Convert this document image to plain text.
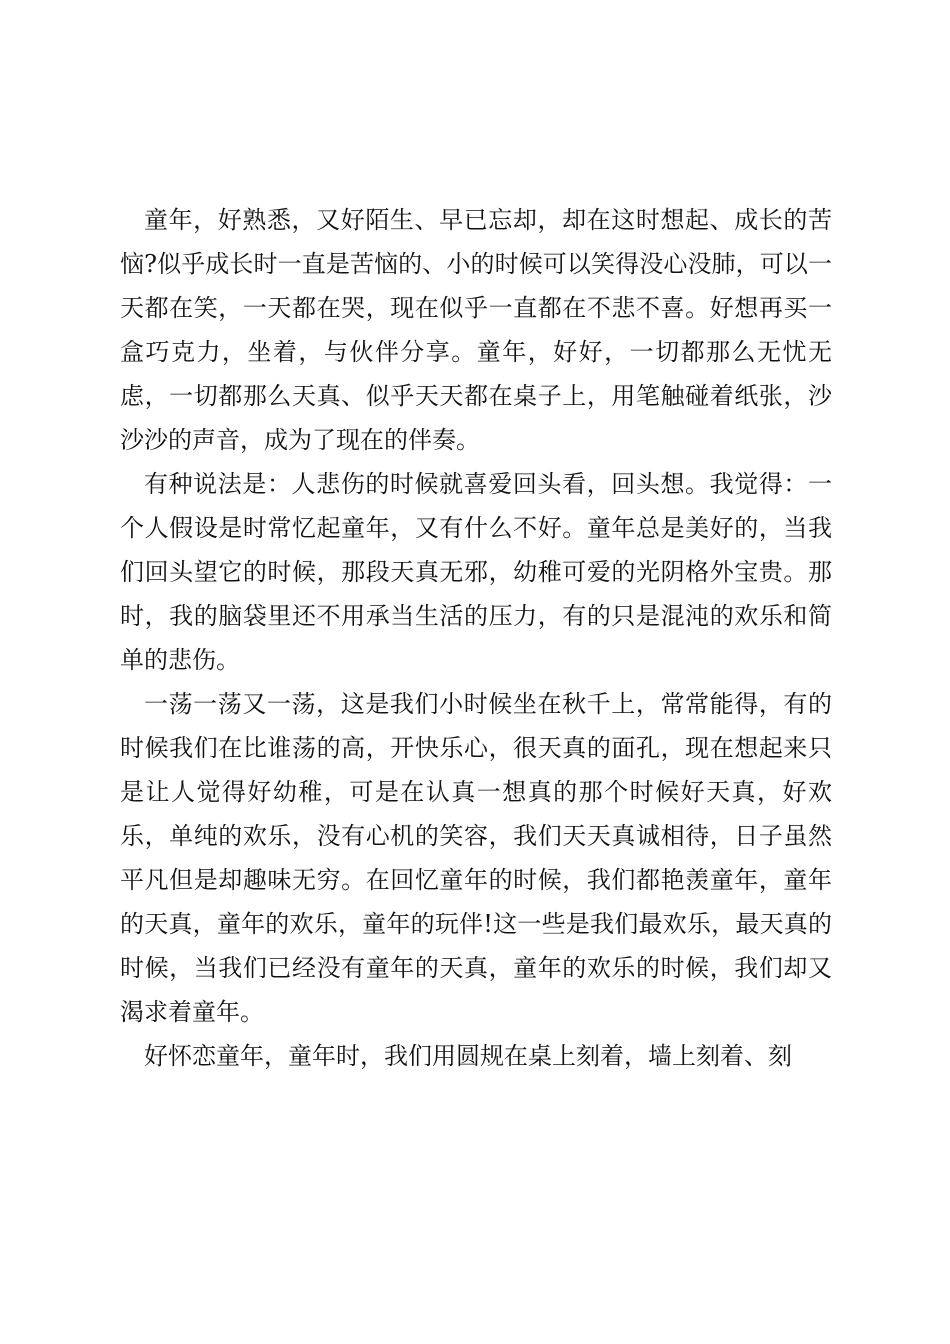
童年，好熟悉，又好陌生、早已忘却，却在这时想起、成长的苦恼?似乎成长时一直是苦恼的、小的时候可以笑得没心没肺，可以一天都在笑，一天都在哭，现在似乎一直都在不悲不喜。好想再买一盒巧克力，坐着，与伙伴分享。童年，好好，一切都那么无忧无虑，一切都那么天真、似乎天天都在桌子上，用笔触碰着纸张，沙沙沙的声音，成为了现在的伴奏。

有种说法是：人悲伤的时候就喜爱回头看，回头想。我觉得：一个人假设是时常忆起童年，又有什么不好。童年总是美好的，当我们回头望它的时候，那段天真无邪，幼稚可爱的光阴格外宝贵。那时，我的脑袋里还不用承当生活的压力，有的只是混沌的欢乐和简单的悲伤。

一荡一荡又一荡，这是我们小时候坐在秋千上，常常能得，有的时候我们在比谁荡的高，开快乐心，很天真的面孔，现在想起来只是让人觉得好幼稚，可是在认真一想真的那个时候好天真，好欢乐，单纯的欢乐，没有心机的笑容，我们天天真诚相待，日子虽然平凡但是却趣味无穷。在回忆童年的时候，我们都艳羡童年，童年的天真，童年的欢乐，童年的玩伴!这一些是我们最欢乐，最天真的时候，当我们已经没有童年的天真，童年的欢乐的时候，我们却又渴求着童年。

好怀恋童年，童年时，我们用圆规在桌上刻着，墙上刻着、刻
